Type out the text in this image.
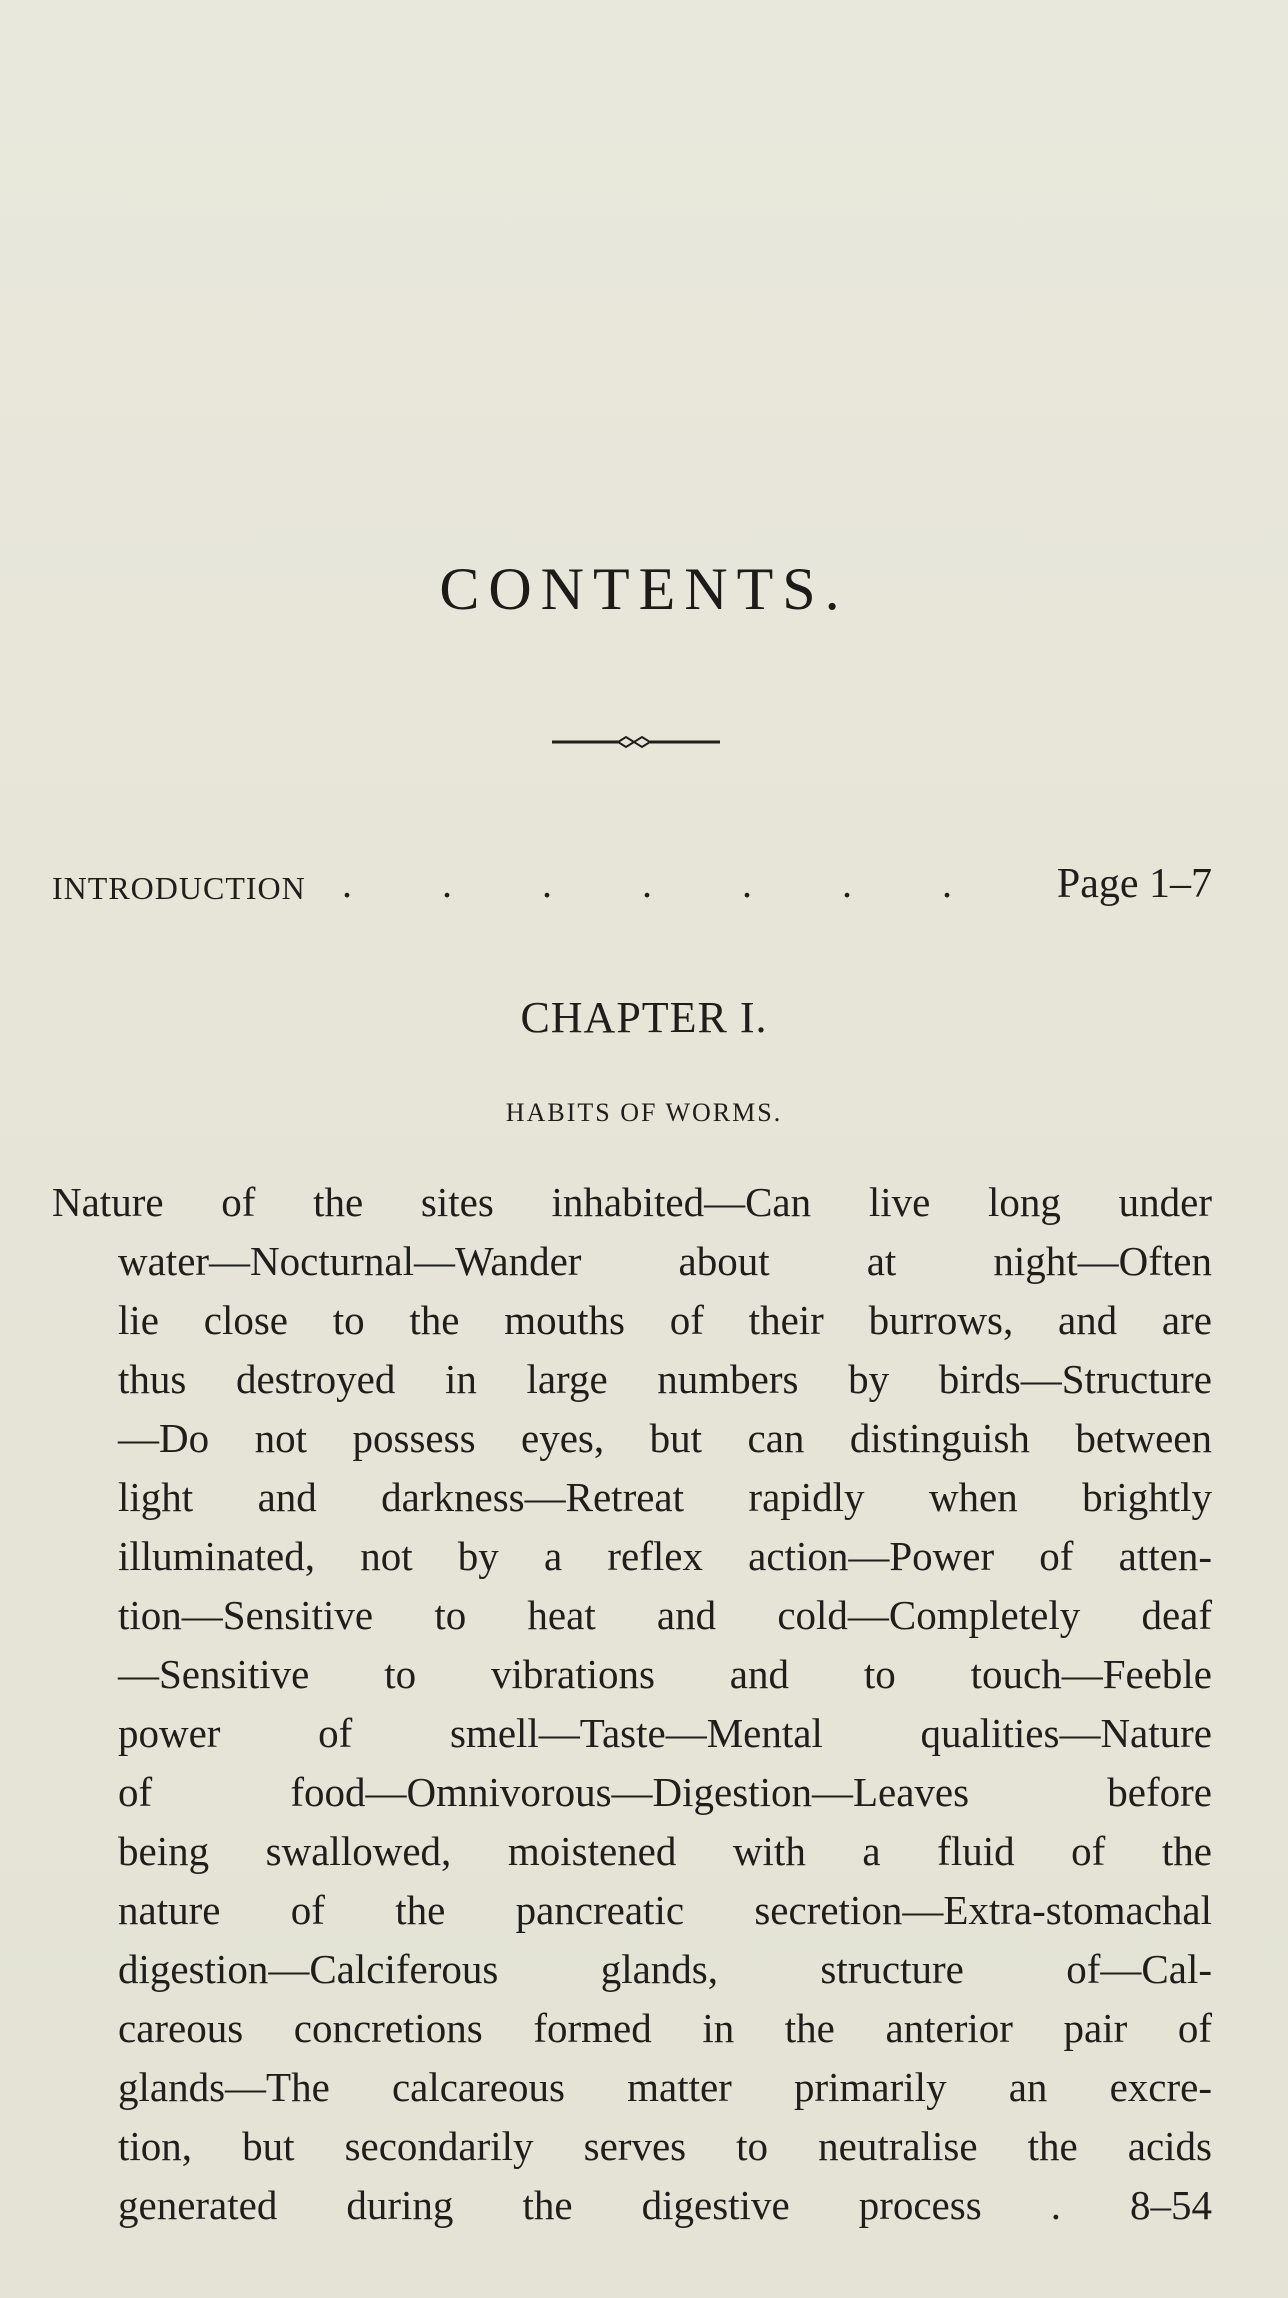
CONTENTS.
INTRODUCTION . . . . . . . Page 1–7
CHAPTER I.
HABITS OF WORMS.
Nature of the sites inhabited—Can live long under
water—Nocturnal—Wander about at night—Often
lie close to the mouths of their burrows, and are
thus destroyed in large numbers by birds—Structure
—Do not possess eyes, but can distinguish between
light and darkness—Retreat rapidly when brightly
illuminated, not by a reflex action—Power of atten-
tion—Sensitive to heat and cold—Completely deaf
—Sensitive to vibrations and to touch—Feeble
power of smell—Taste—Mental qualities—Nature
of food—Omnivorous—Digestion—Leaves before
being swallowed, moistened with a fluid of the
nature of the pancreatic secretion—Extra-stomachal
digestion—Calciferous glands, structure of—Cal-
careous concretions formed in the anterior pair of
glands—The calcareous matter primarily an excre-
tion, but secondarily serves to neutralise the acids
generated during the digestive process . 8–54
